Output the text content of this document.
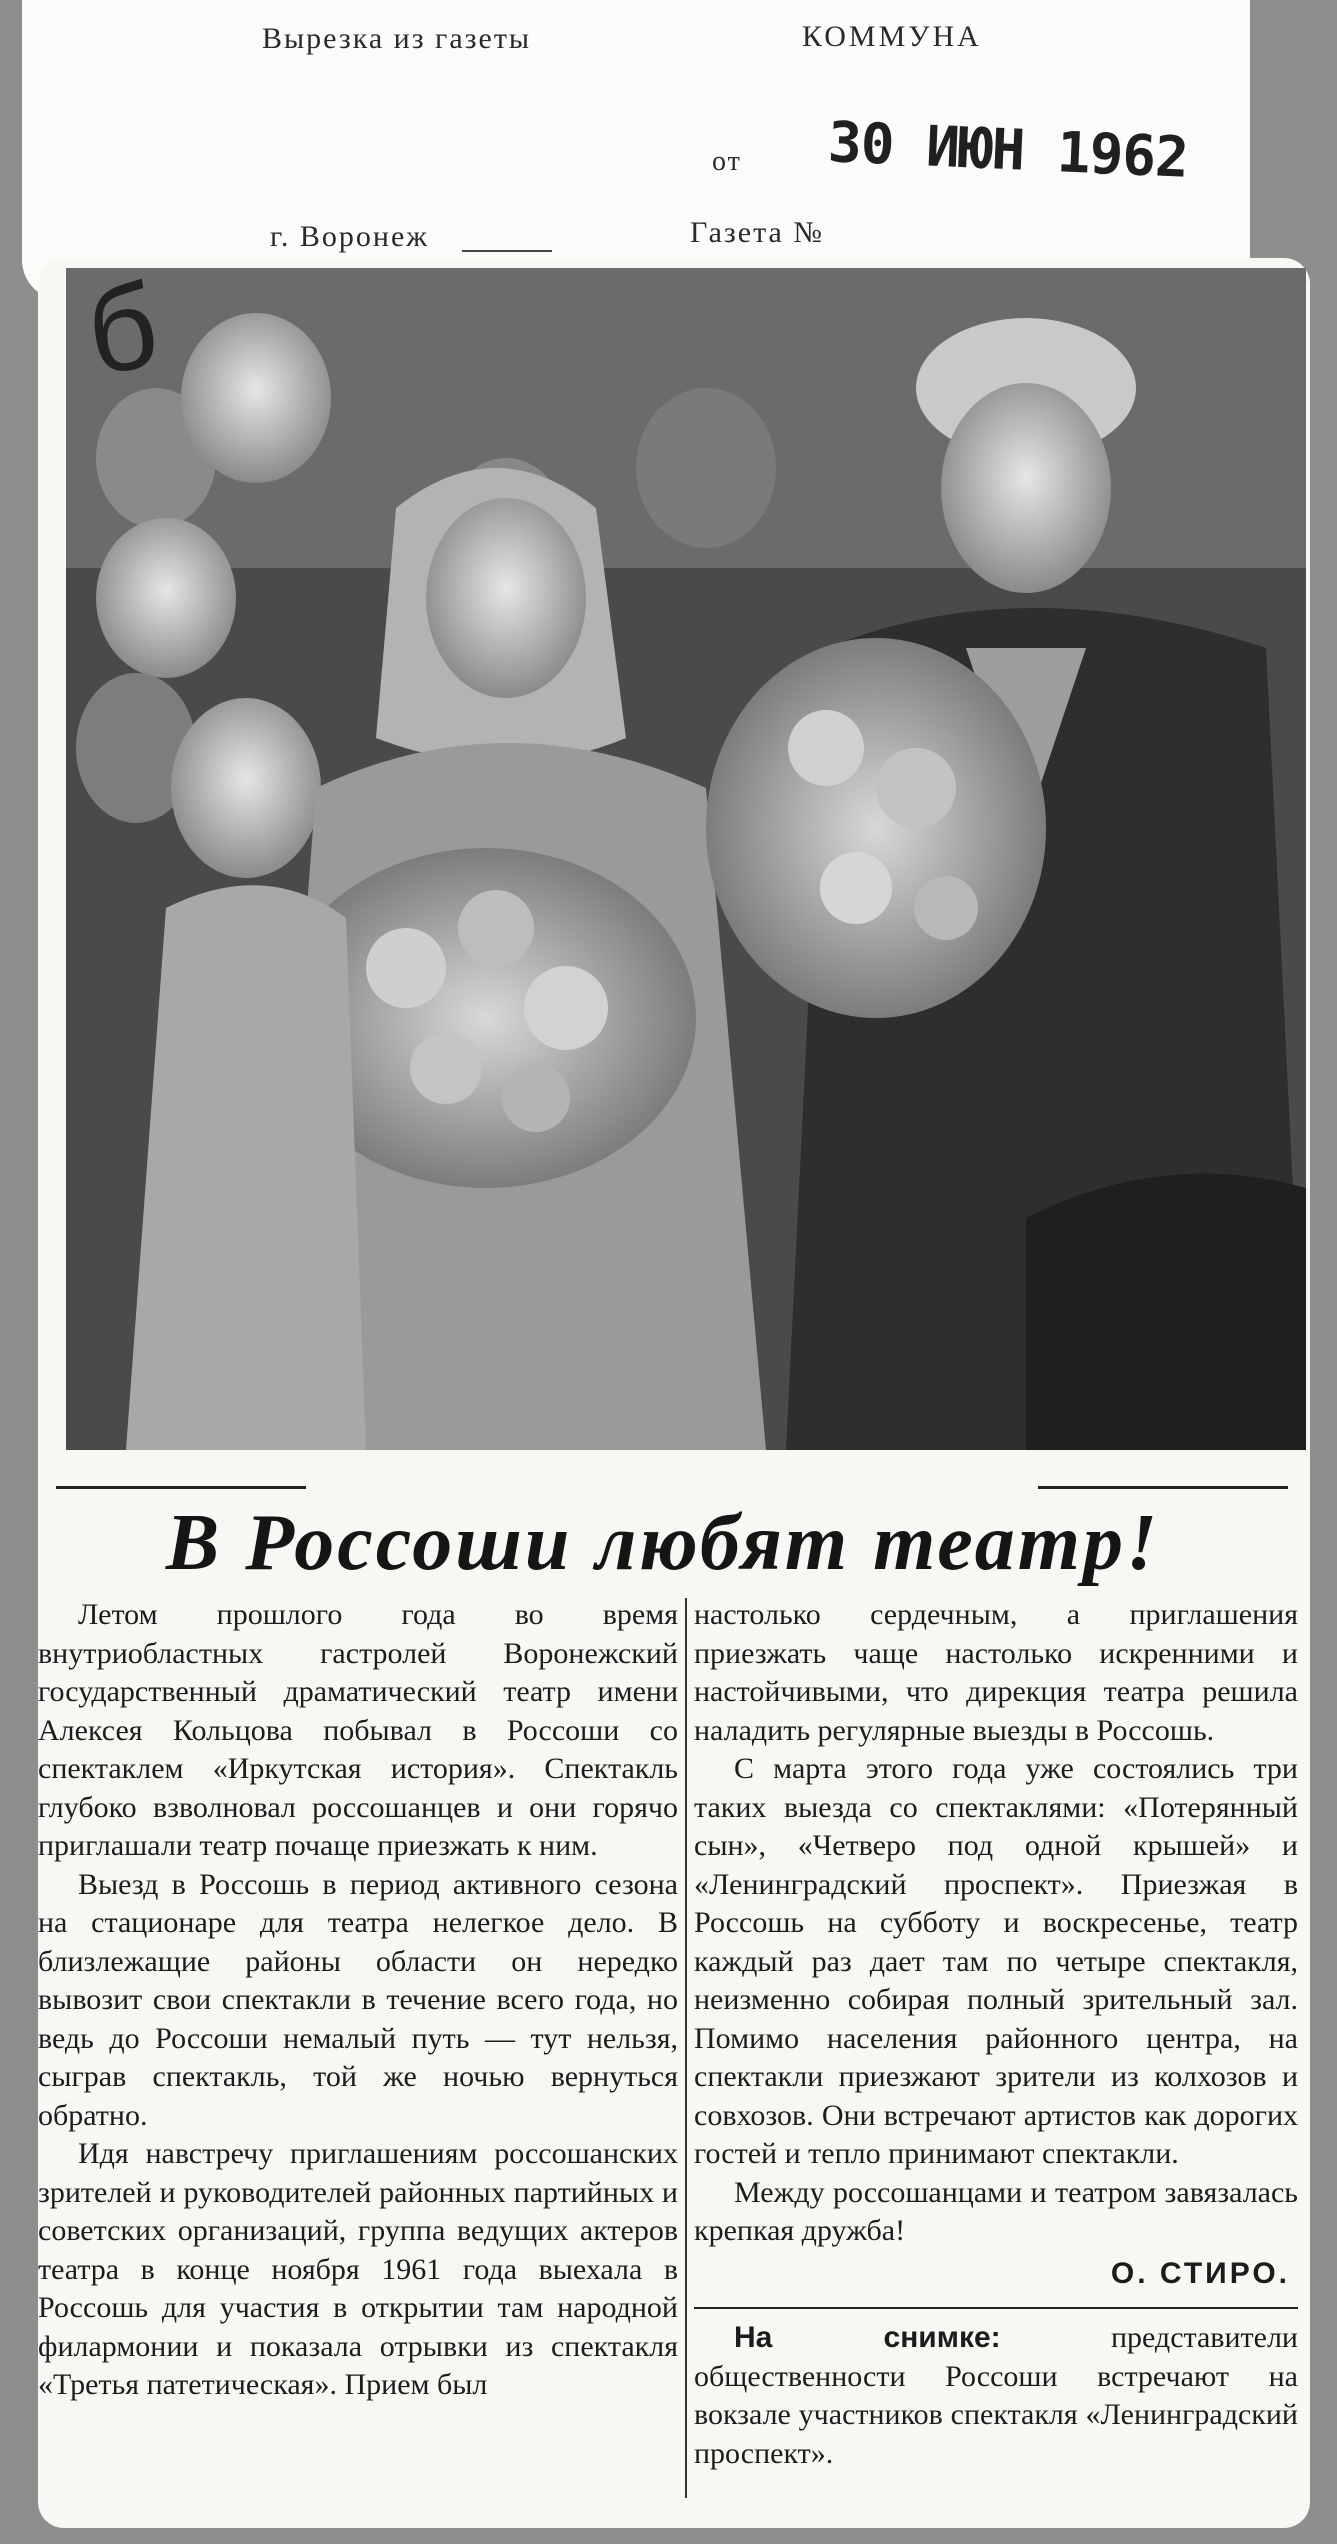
Вырезка из газеты	КОММУНА
от 30 ИЮН 1962
г. Воронеж	Газета №
б
В Россоши любят театр!

Летом прошлого года во время внутриобластных гастролей Воронежский государственный драматический театр имени Алексея Кольцова побывал в Россоши со спектаклем «Иркутская история». Спектакль глубоко взволновал россошанцев и они горячо приглашали театр почаще приезжать к ним.

Выезд в Россошь в период активного сезона на стационаре для театра нелегкое дело. В близлежащие районы области он нередко вывозит свои спектакли в течение всего года, но ведь до Россоши немалый путь — тут нельзя, сыграв спектакль, той же ночью вернуться обратно.

Идя навстречу приглашениям россошанских зрителей и руководителей районных партийных и советских организаций, группа ведущих актеров театра в конце ноября 1961 года выехала в Россошь для участия в открытии там народной филармонии и показала отрывки из спектакля «Третья патетическая». Прием был

настолько сердечным, а приглашения приезжать чаще настолько искренними и настойчивыми, что дирекция театра решила наладить регулярные выезды в Россошь.

С марта этого года уже состоялись три таких выезда со спектаклями: «Потерянный сын», «Четверо под одной крышей» и «Ленинградский проспект». Приезжая в Россошь на субботу и воскресенье, театр каждый раз дает там по четыре спектакля, неизменно собирая полный зрительный зал. Помимо населения районного центра, на спектакли приезжают зрители из колхозов и совхозов. Они встречают артистов как дорогих гостей и тепло принимают спектакли.

Между россошанцами и театром завязалась крепкая дружба!

О. СТИРО.

На снимке: представители общественности Россоши встречают на вокзале участников спектакля «Ленинградский проспект».
